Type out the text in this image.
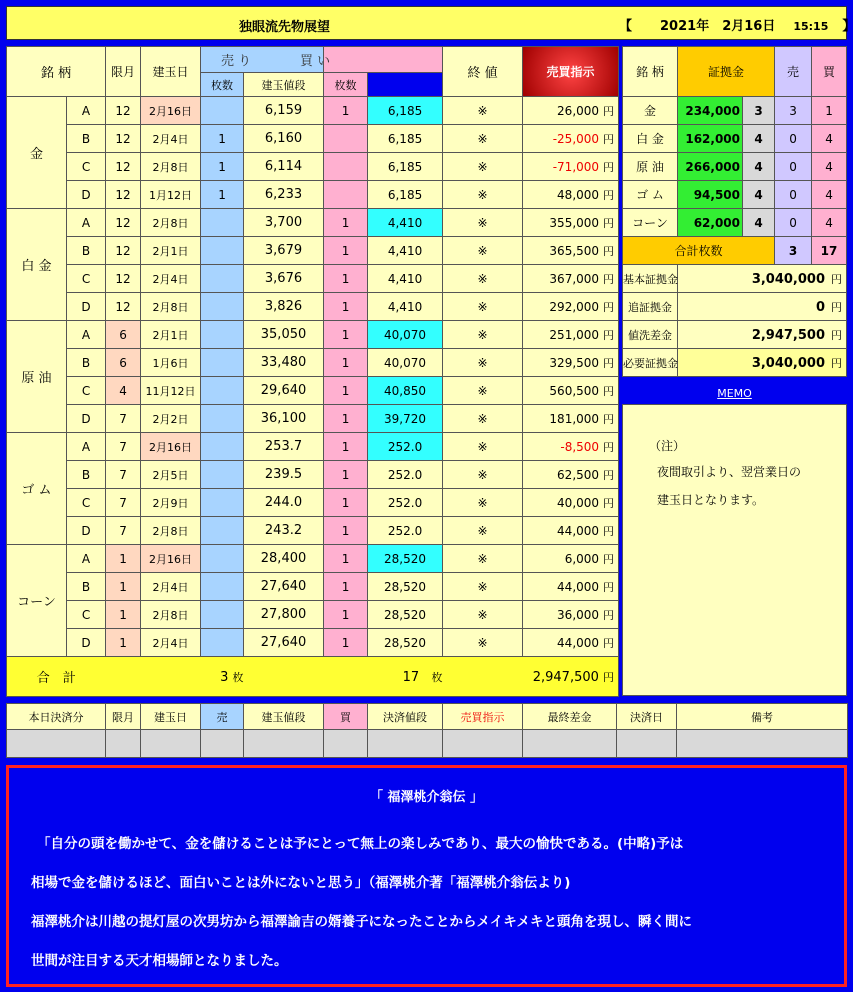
独眼流先物展望	【 2021年　2月16日 15:15 】
銘 柄		限月	建玉日	売 り		買 い		終 値	売買指示	
				枚数	建玉値段	枚数				
金	A	12	2月16日		6,159	1	6,185	※	26,000 円	
	B	12	2月4日	1	6,160		6,185	※	-25,000 円	
	C	12	2月8日	1	6,114		6,185	※	-71,000 円	
	D	12	1月12日	1	6,233		6,185	※	48,000 円	
白 金	A	12	2月8日		3,700	1	4,410	※	355,000 円	
	B	12	2月1日		3,679	1	4,410	※	365,500 円	
	C	12	2月4日		3,676	1	4,410	※	367,000 円	
	D	12	2月8日		3,826	1	4,410	※	292,000 円	
原 油	A	6	2月1日		35,050	1	40,070	※	251,000 円	
	B	6	1月6日		33,480	1	40,070	※	329,500 円	
	C	4	11月12日		29,640	1	40,850	※	560,500 円	
	D	7	2月2日		36,100	1	39,720	※	181,000 円	
ゴ ム	A	7	2月16日		253.7	1	252.0	※	-8,500 円	
	B	7	2月5日		239.5	1	252.0	※	62,500 円	
	C	7	2月9日		244.0	1	252.0	※	40,000 円	
	D	7	2月8日		243.2	1	252.0	※	44,000 円	
コーン	A	1	2月16日		28,400	1	28,520	※	6,000 円	
	B	1	2月4日		27,640	1	28,520	※	44,000 円	
	C	1	2月8日		27,800	1	28,520	※	36,000 円	
	D	1	2月4日		27,640	1	28,520	※	44,000 円	
合　計		3 枚			17 枚			2,947,500 円		
銘 柄	証拠金		売	買
金	234,000	3	3	1
白 金	162,000	4	0	4
原 油	266,000	4	0	4
ゴ ム	94,500	4	0	4
コーン	62,000	4	0	4
合計枚数			3	17
基本証拠金	3,040,000 円			
追証拠金	0 円			
値洗差金	2,947,500 円			
必要証拠金	3,040,000 円			
MEMO
（注）
夜間取引より、翌営業日の
建玉日となります。
本日決済分	限月	建玉日	売	建玉値段	買	決済値段	売買指示	最終差金	決済日	備考

「 福澤桃介翁伝 」
「自分の頭を働かせて、金を儲けることは予にとって無上の楽しみであり、最大の愉快である。(中略)予は
相場で金を儲けるほど、面白いことは外にないと思う」（福澤桃介著「福澤桃介翁伝より)
福澤桃介は川越の提灯屋の次男坊から福澤諭吉の婿養子になったことからメイキメキと頭角を現し、瞬く間に
世間が注目する天才相場師となりました。
